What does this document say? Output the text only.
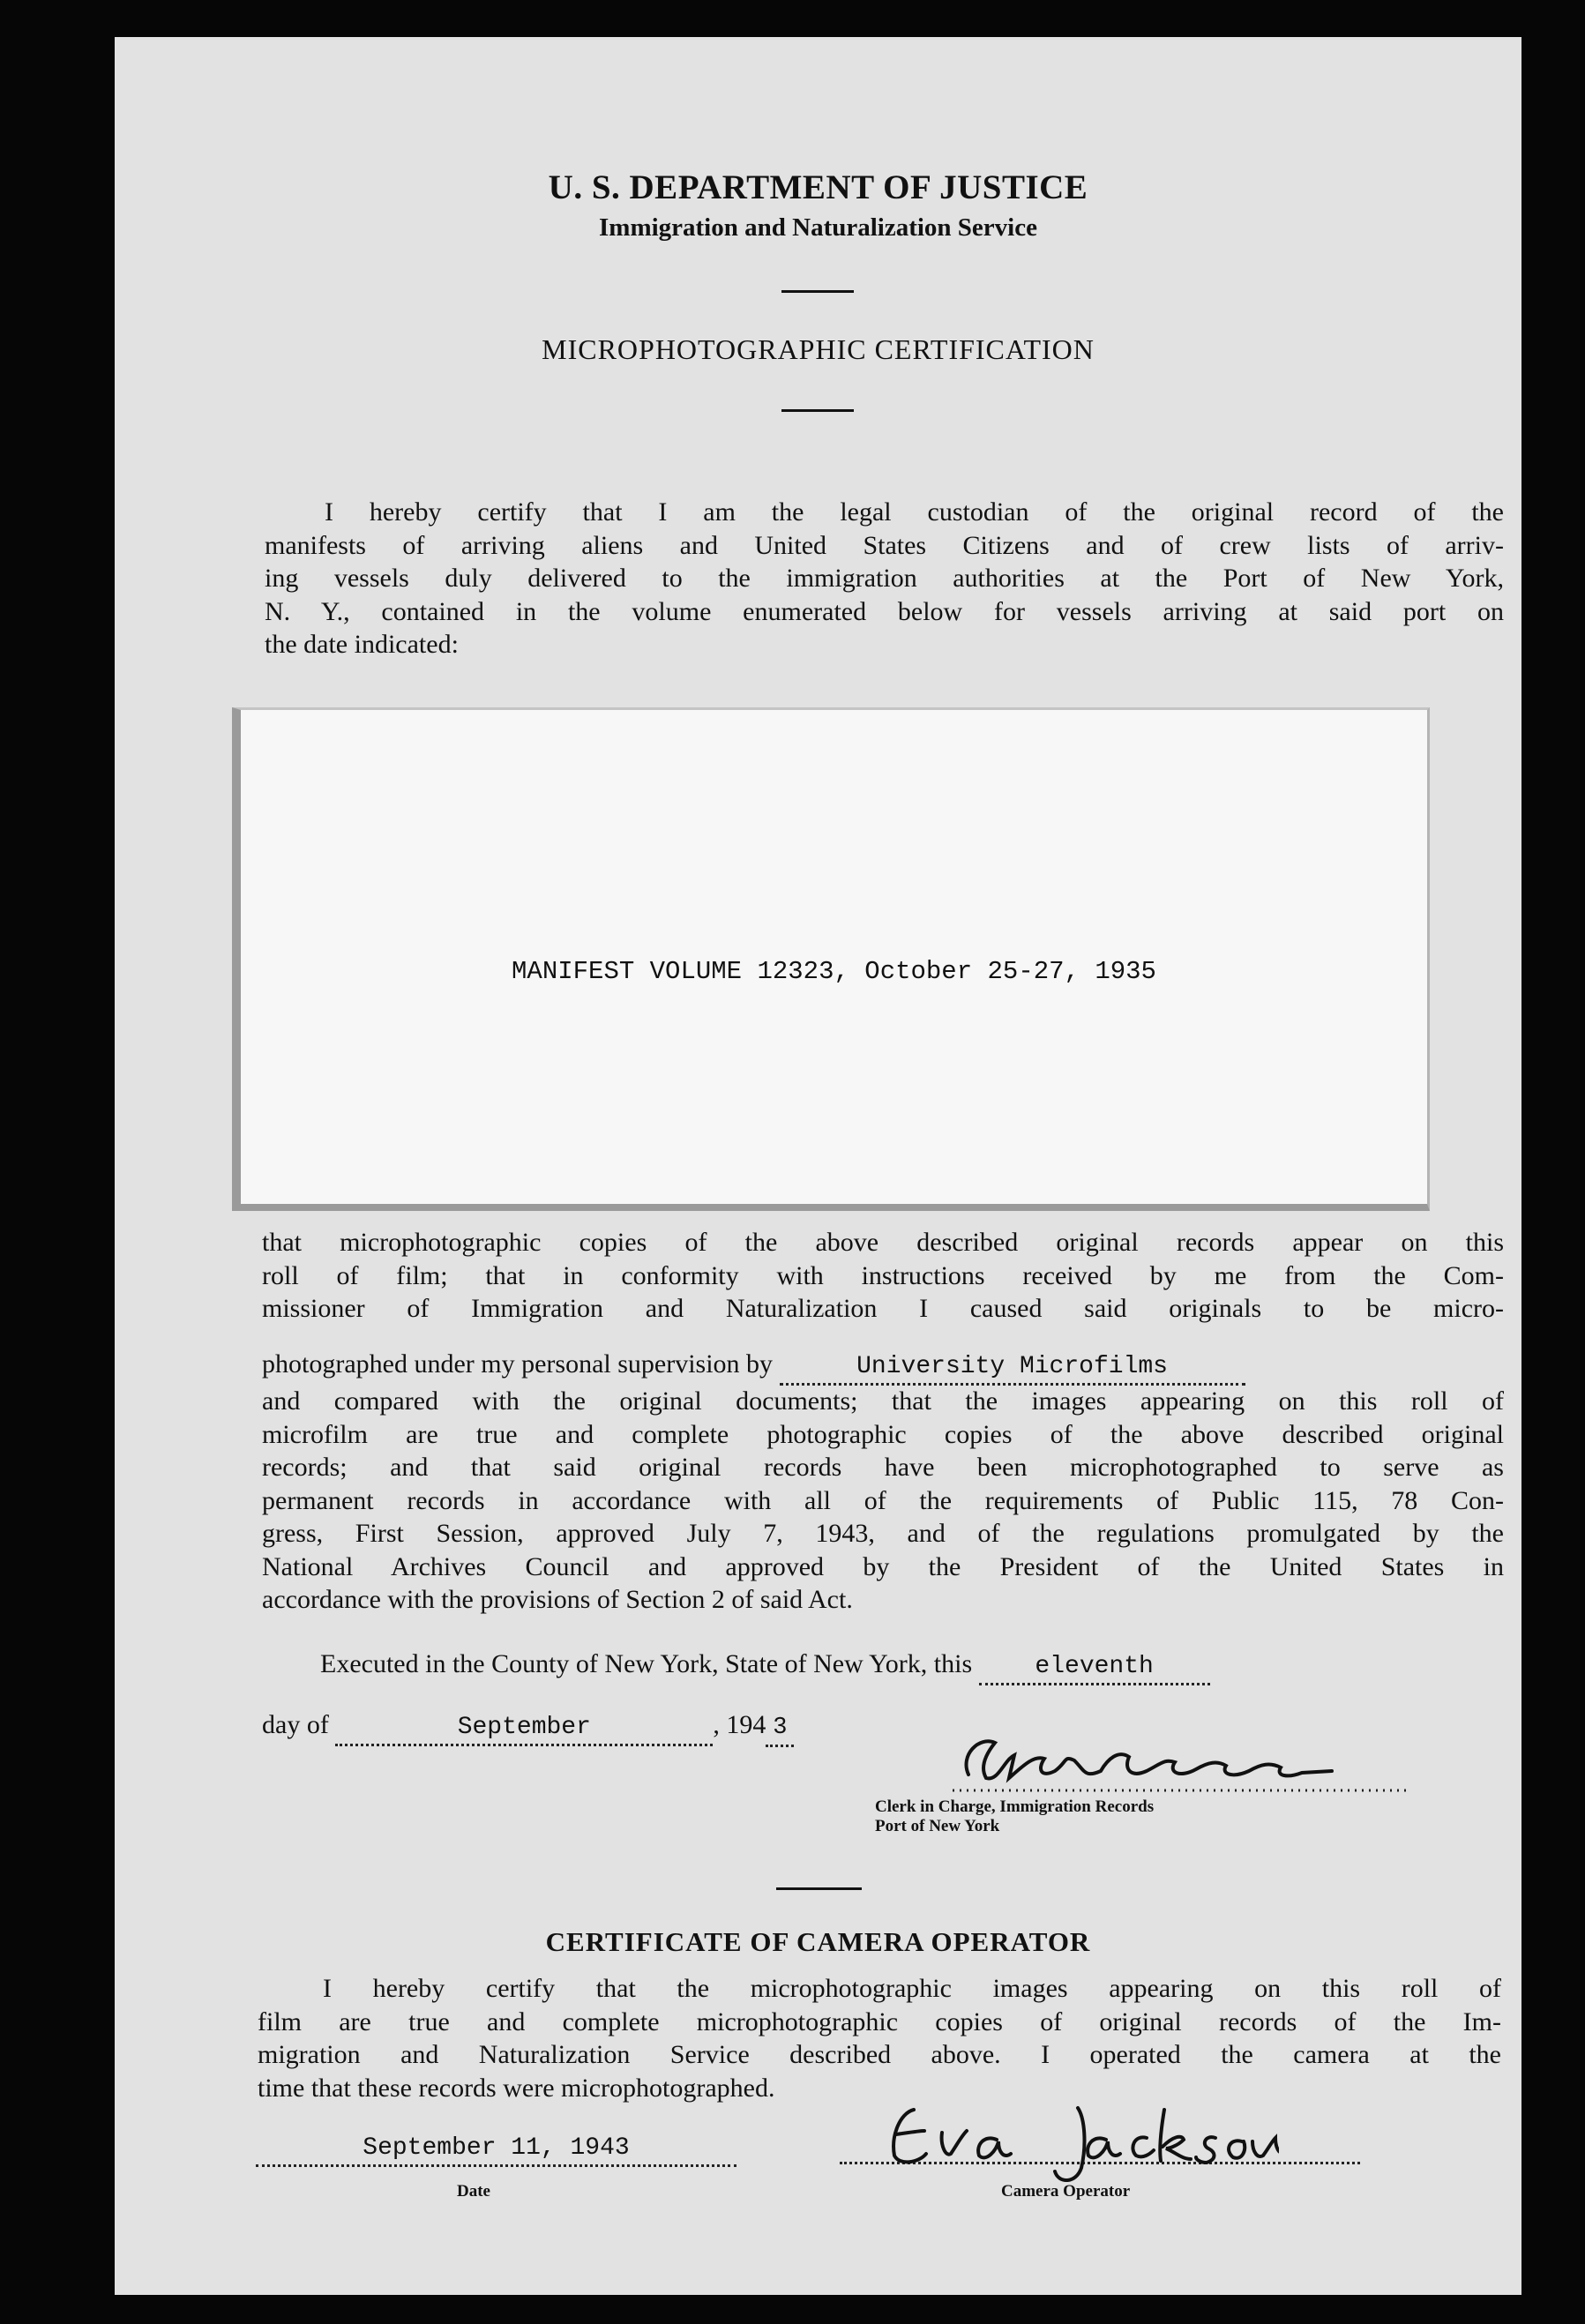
U. S. DEPARTMENT OF JUSTICE
Immigration and Naturalization Service
MICROPHOTOGRAPHIC CERTIFICATION
I hereby certify that I am the legal custodian of the original record of the
manifests of arriving aliens and United States Citizens and of crew lists of arriv-
ing vessels duly delivered to the immigration authorities at the Port of New York,
N. Y., contained in the volume enumerated below for vessels arriving at said port on
the date indicated:
MANIFEST VOLUME 12323, October 25-27, 1935
that microphotographic copies of the above described original records appear on this
roll of film; that in conformity with instructions received by me from the Com-
missioner of Immigration and Naturalization I caused said originals to be micro-
photographed under my personal supervision by	University Microfilms
and compared with the original documents; that the images appearing on this roll of
microfilm are true and complete photographic copies of the above described original
records; and that said original records have been microphotographed to serve as
permanent records in accordance with all of the requirements of Public 115, 78 Con-
gress, First Session, approved July 7, 1943, and of the regulations promulgated by the
National Archives Council and approved by the President of the United States in
accordance with the provisions of Section 2 of said Act.
Executed in the County of New York, State of New York, this	eleventh
day of	September	, 194 3
Clerk in Charge, Immigration Records
Port of New York
CERTIFICATE OF CAMERA OPERATOR
I hereby certify that the microphotographic images appearing on this roll of
film are true and complete microphotographic copies of original records of the Im-
migration and Naturalization Service described above. I operated the camera at the
time that these records were microphotographed.
September 11, 1943
Date	Camera Operator
